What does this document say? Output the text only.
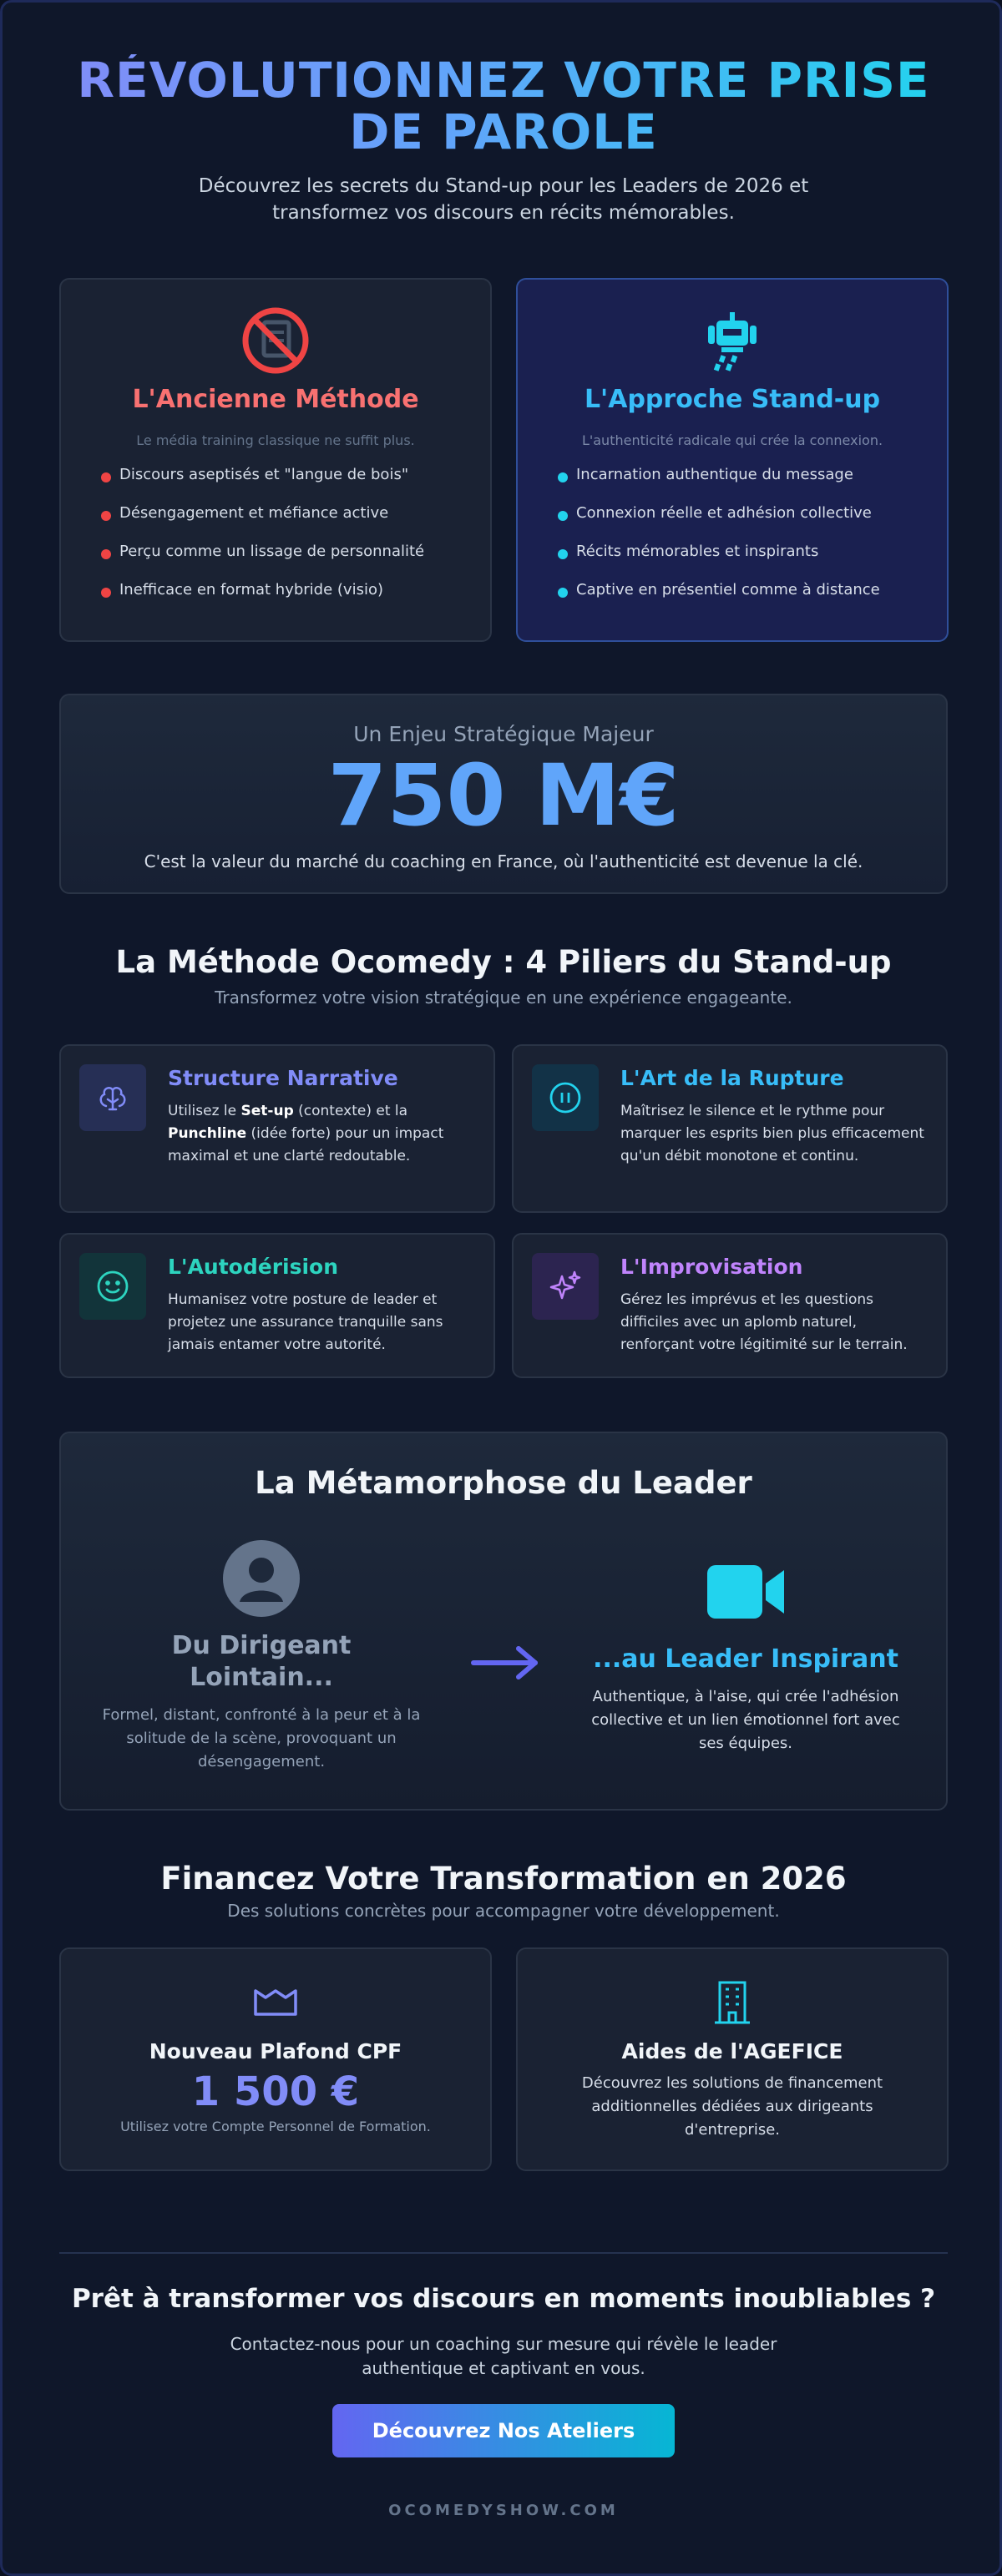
RÉVOLUTIONNEZ VOTRE PRISE
DE PAROLE

Découvrez les secrets du Stand-up pour les Leaders de 2026 et transformez vos discours en récits mémorables.

L'Ancienne Méthode
Le média training classique ne suffit plus.
Discours aseptisés et "langue de bois"
Désengagement et méfiance active
Perçu comme un lissage de personnalité
Inefficace en format hybride (visio)
L'Approche Stand-up
L'authenticité radicale qui crée la connexion.
Incarnation authentique du message
Connexion réelle et adhésion collective
Récits mémorables et inspirants
Captive en présentiel comme à distance
Un Enjeu Stratégique Majeur
750 M€
C'est la valeur du marché du coaching en France, où l'authenticité est devenue la clé.
La Méthode Ocomedy : 4 Piliers du Stand-up
Transformez votre vision stratégique en une expérience engageante.
Structure Narrative
Utilisez le Set-up (contexte) et la Punchline (idée forte) pour un impact maximal et une clarté redoutable.
L'Art de la Rupture
Maîtrisez le silence et le rythme pour marquer les esprits bien plus efficacement qu'un débit monotone et continu.
L'Autodérision
Humanisez votre posture de leader et projetez une assurance tranquille sans jamais entamer votre autorité.
L'Improvisation
Gérez les imprévus et les questions difficiles avec un aplomb naturel, renforçant votre légitimité sur le terrain.
La Métamorphose du Leader
Du Dirigeant
Lointain...
Formel, distant, confronté à la peur et à la solitude de la scène, provoquant un désengagement.
...au Leader Inspirant
Authentique, à l'aise, qui crée l'adhésion collective et un lien émotionnel fort avec ses équipes.
Financez Votre Transformation en 2026
Des solutions concrètes pour accompagner votre développement.
Nouveau Plafond CPF
1 500 €
Utilisez votre Compte Personnel de Formation.
Aides de l'AGEFICE
Découvrez les solutions de financement additionnelles dédiées aux dirigeants d'entreprise.
Prêt à transformer vos discours en moments inoubliables ?
Contactez-nous pour un coaching sur mesure qui révèle le leader authentique et captivant en vous.
Découvrez Nos Ateliers
OCOMEDYSHOW.COM
